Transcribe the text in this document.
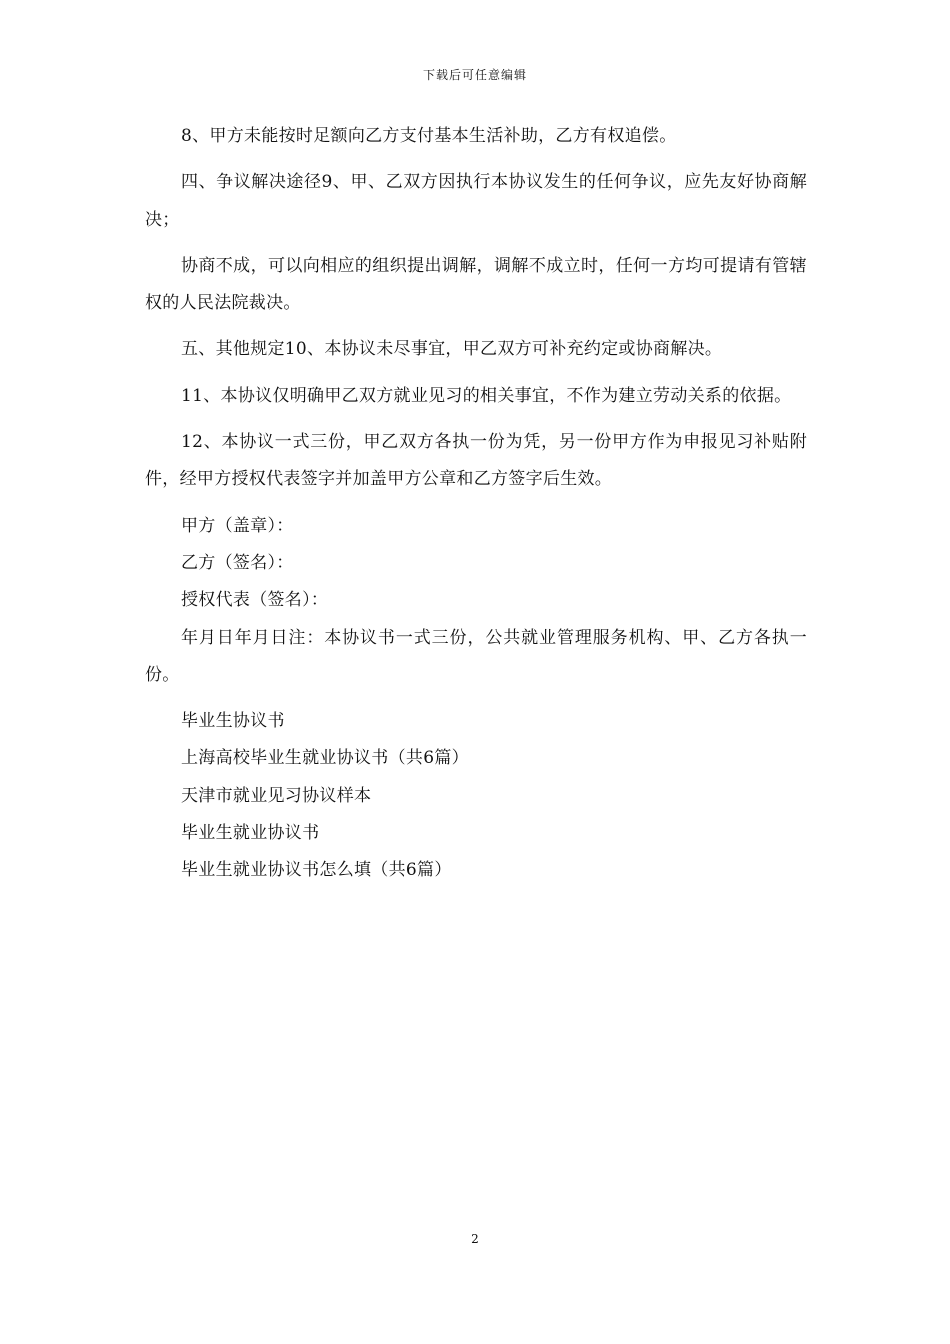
下载后可任意编辑

8、甲方未能按时足额向乙方支付基本生活补助，乙方有权追偿。

四、争议解决途径9、甲、乙双方因执行本协议发生的任何争议，应先友好协商解决；

协商不成，可以向相应的组织提出调解，调解不成立时，任何一方均可提请有管辖权的人民法院裁决。

五、其他规定10、本协议未尽事宜，甲乙双方可补充约定或协商解决。

11、本协议仅明确甲乙双方就业见习的相关事宜，不作为建立劳动关系的依据。

12、本协议一式三份，甲乙双方各执一份为凭，另一份甲方作为申报见习补贴附件，经甲方授权代表签字并加盖甲方公章和乙方签字后生效。

甲方（盖章）：

乙方（签名）：

授权代表（签名）：

年月日年月日注：本协议书一式三份，公共就业管理服务机构、甲、乙方各执一份。

毕业生协议书

上海高校毕业生就业协议书（共6篇）

天津市就业见习协议样本

毕业生就业协议书

毕业生就业协议书怎么填（共6篇）

2
